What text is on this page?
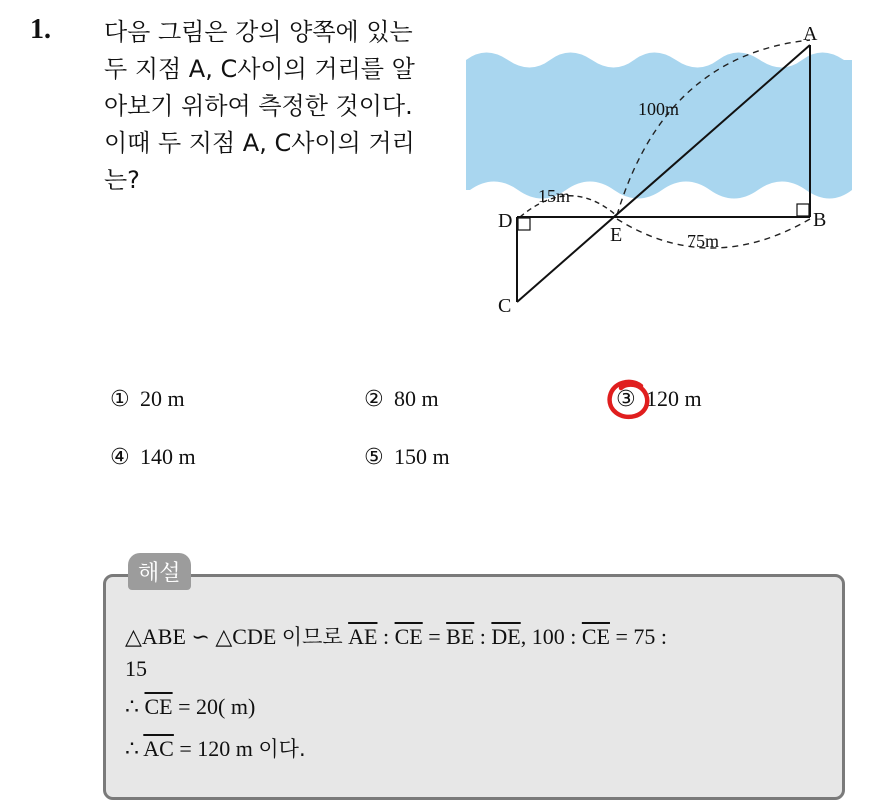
1. 다음 그림은 강의 양쪽에 있는
두 지점 A, C사이의 거리를 알
아보기 위하여 측정한 것이다.
이때 두 지점 A, C사이의 거리
는?
A
B
C
D
E
100m
15m
75m
① 20 m	② 80 m	③ 120 m
④ 140 m	⑤ 150 m
해설
△ABE ∽ △CDE 이므로 $\overline{AE}$ : $\overline{CE} = \overline{BE}$ : $\overline{DE}$, 100 : $\overline{CE} = 75$ :
15
∴ $\overline{CE} = 20$( m)
∴ $\overline{AC} = 120$ m 이다.
